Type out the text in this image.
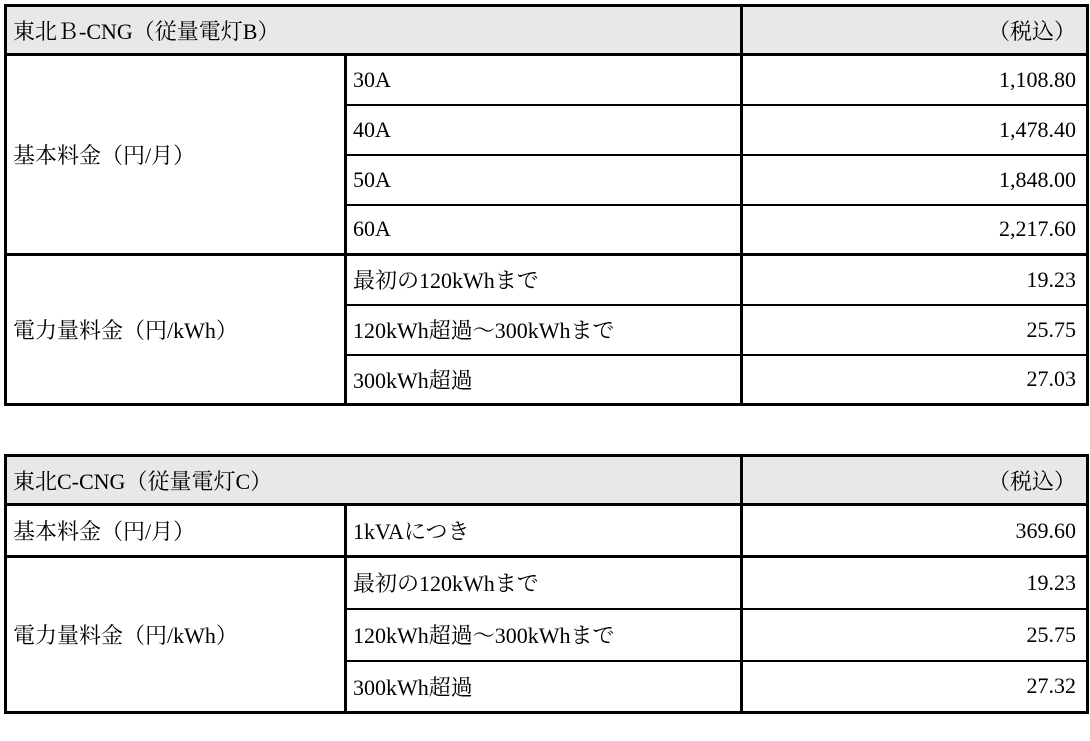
東北Ｂ-CNG（従量電灯B）		（税込）
基本料金（円/月）	30A	1,108.80
	40A	1,478.40
	50A	1,848.00
	60A	2,217.60
電力量料金（円/kWh）	最初の120kWhまで	19.23
	120kWh超過～300kWhまで	25.75
	300kWh超過	27.03
東北C-CNG（従量電灯C）		（税込）
基本料金（円/月）	1kVAにつき	369.60
電力量料金（円/kWh）	最初の120kWhまで	19.23
	120kWh超過～300kWhまで	25.75
	300kWh超過	27.32
